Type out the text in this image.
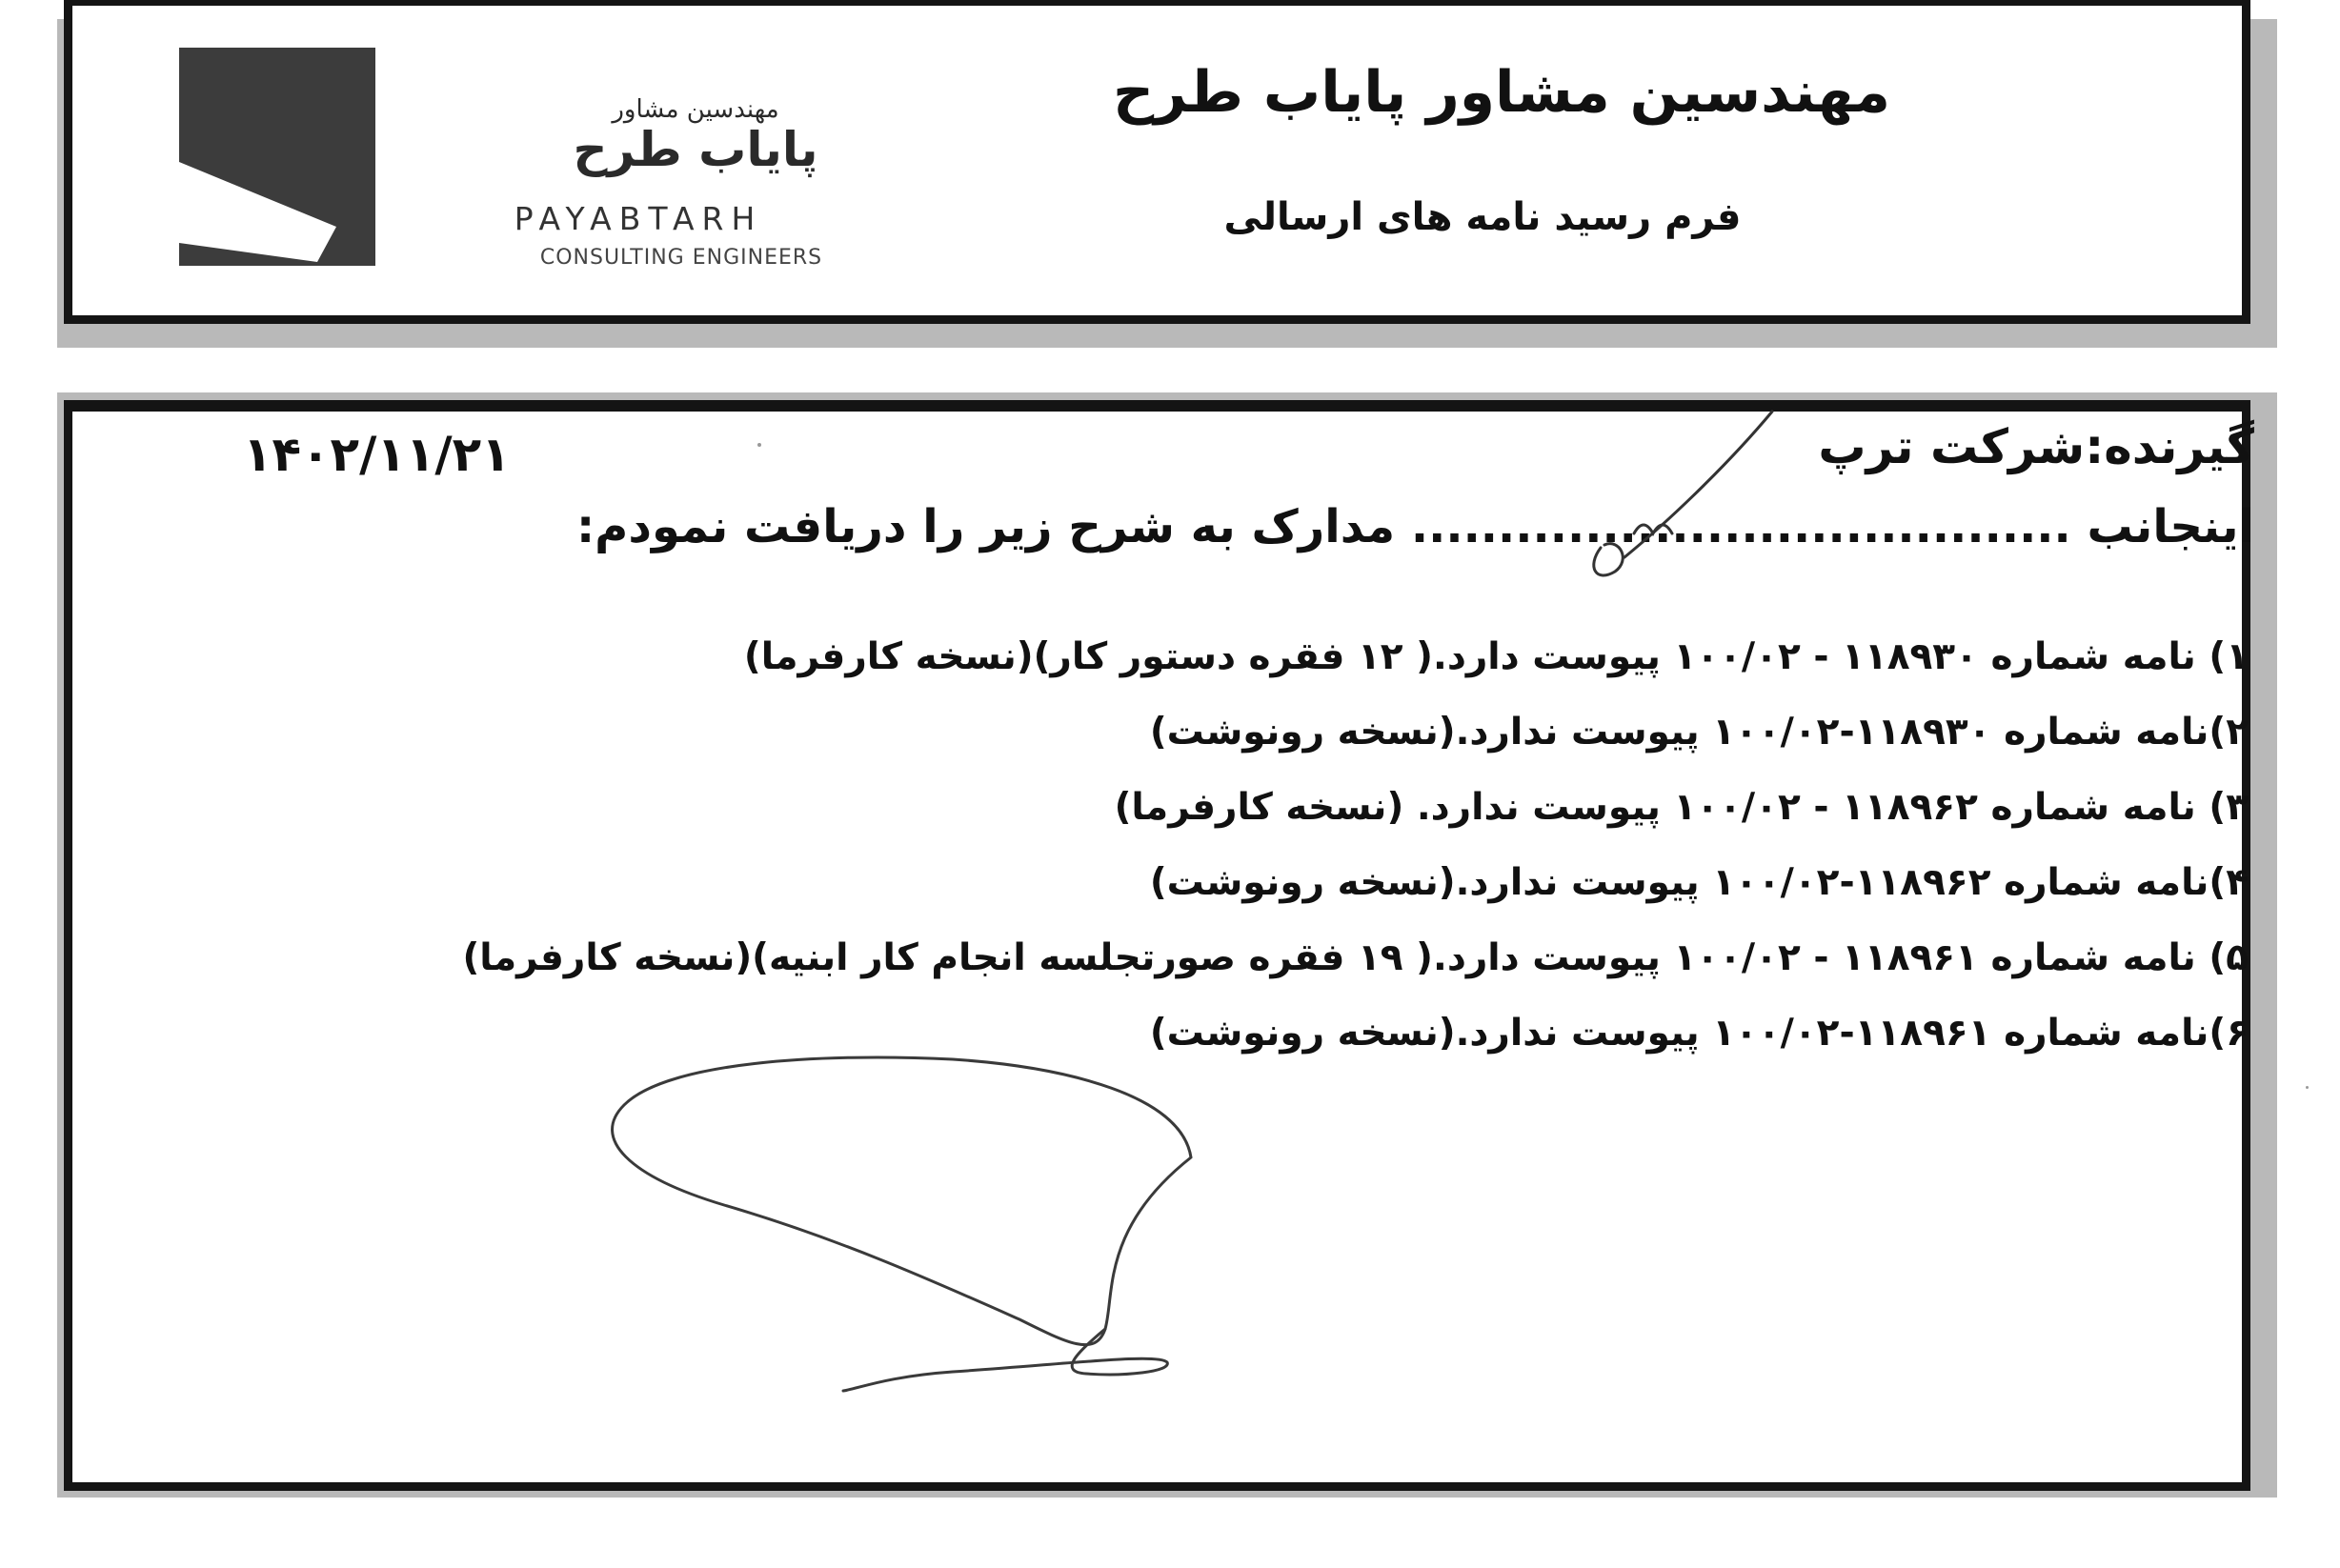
مهندسین مشاور
پایاب طرح
PAYABTARH
CONSULTING ENGINEERS
مهندسین مشاور پایاب طرح
فرم رسید نامه های ارسالی
گیرنده:شرکت ترپ
۱۴۰۲/۱۱/۲۱
اینجانب ...................................... مدارک به شرح زیر را دریافت نمودم:
۱) نامه شماره ۱۱۸۹۳۰ - ۱۰۰/۰۲ پیوست دارد.( ۱۲ فقره دستور کار)(نسخه کارفرما)
۲)نامه شماره ۱۱۸۹۳۰-۱۰۰/۰۲ پیوست ندارد.(نسخه رونوشت)
۳) نامه شماره ۱۱۸۹۶۲ - ۱۰۰/۰۲ پیوست ندارد. (نسخه کارفرما)
۴)نامه شماره ۱۱۸۹۶۲-۱۰۰/۰۲ پیوست ندارد.(نسخه رونوشت)
۵) نامه شماره ۱۱۸۹۶۱ - ۱۰۰/۰۲ پیوست دارد.( ۱۹ فقره صورتجلسه انجام کار ابنیه)(نسخه کارفرما)
۶)نامه شماره ۱۱۸۹۶۱-۱۰۰/۰۲ پیوست ندارد.(نسخه رونوشت)
